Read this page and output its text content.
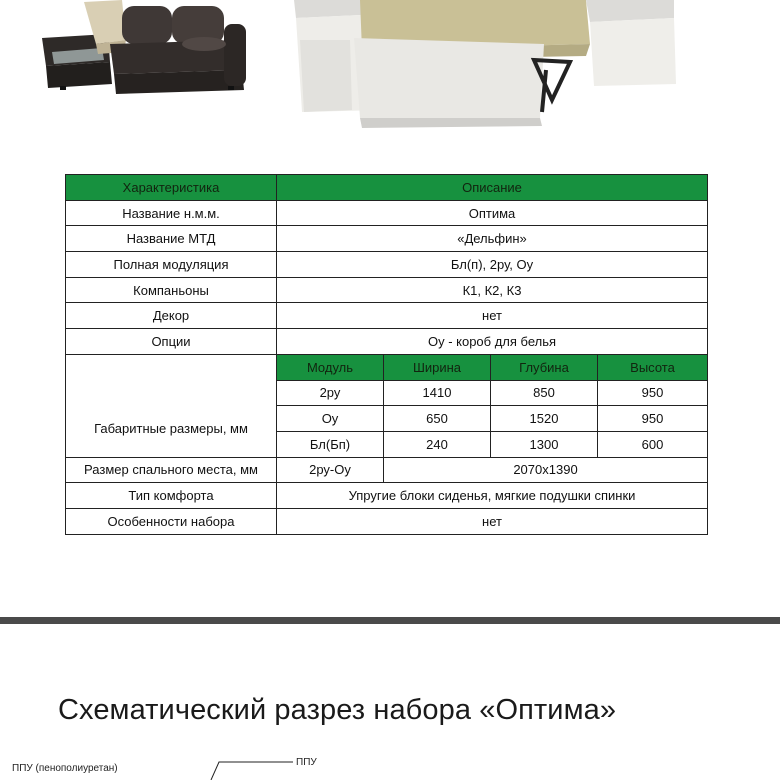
Характеристика	Описание			
Название н.м.м.	Оптима			
Название МТД	«Дельфин»			
Полная модуляция	Бл(п), 2ру, Оу			
Компаньоны	К1, К2, К3			
Декор	нет			
Опции	Оу - короб для белья			
Габаритные размеры, мм	Модуль	Ширина	Глубина	Высота
	2ру	1410	850	950
	Оу	650	1520	950
	Бл(Бп)	240	1300	600
Размер спального места, мм	2ру-Оу	2070х1390		
Тип комфорта	Упругие блоки сиденья, мягкие подушки спинки			
Особенности набора	нет			
Схематический разрез набора «Оптима»
ППУ (пенополиуретан)
ППУ
